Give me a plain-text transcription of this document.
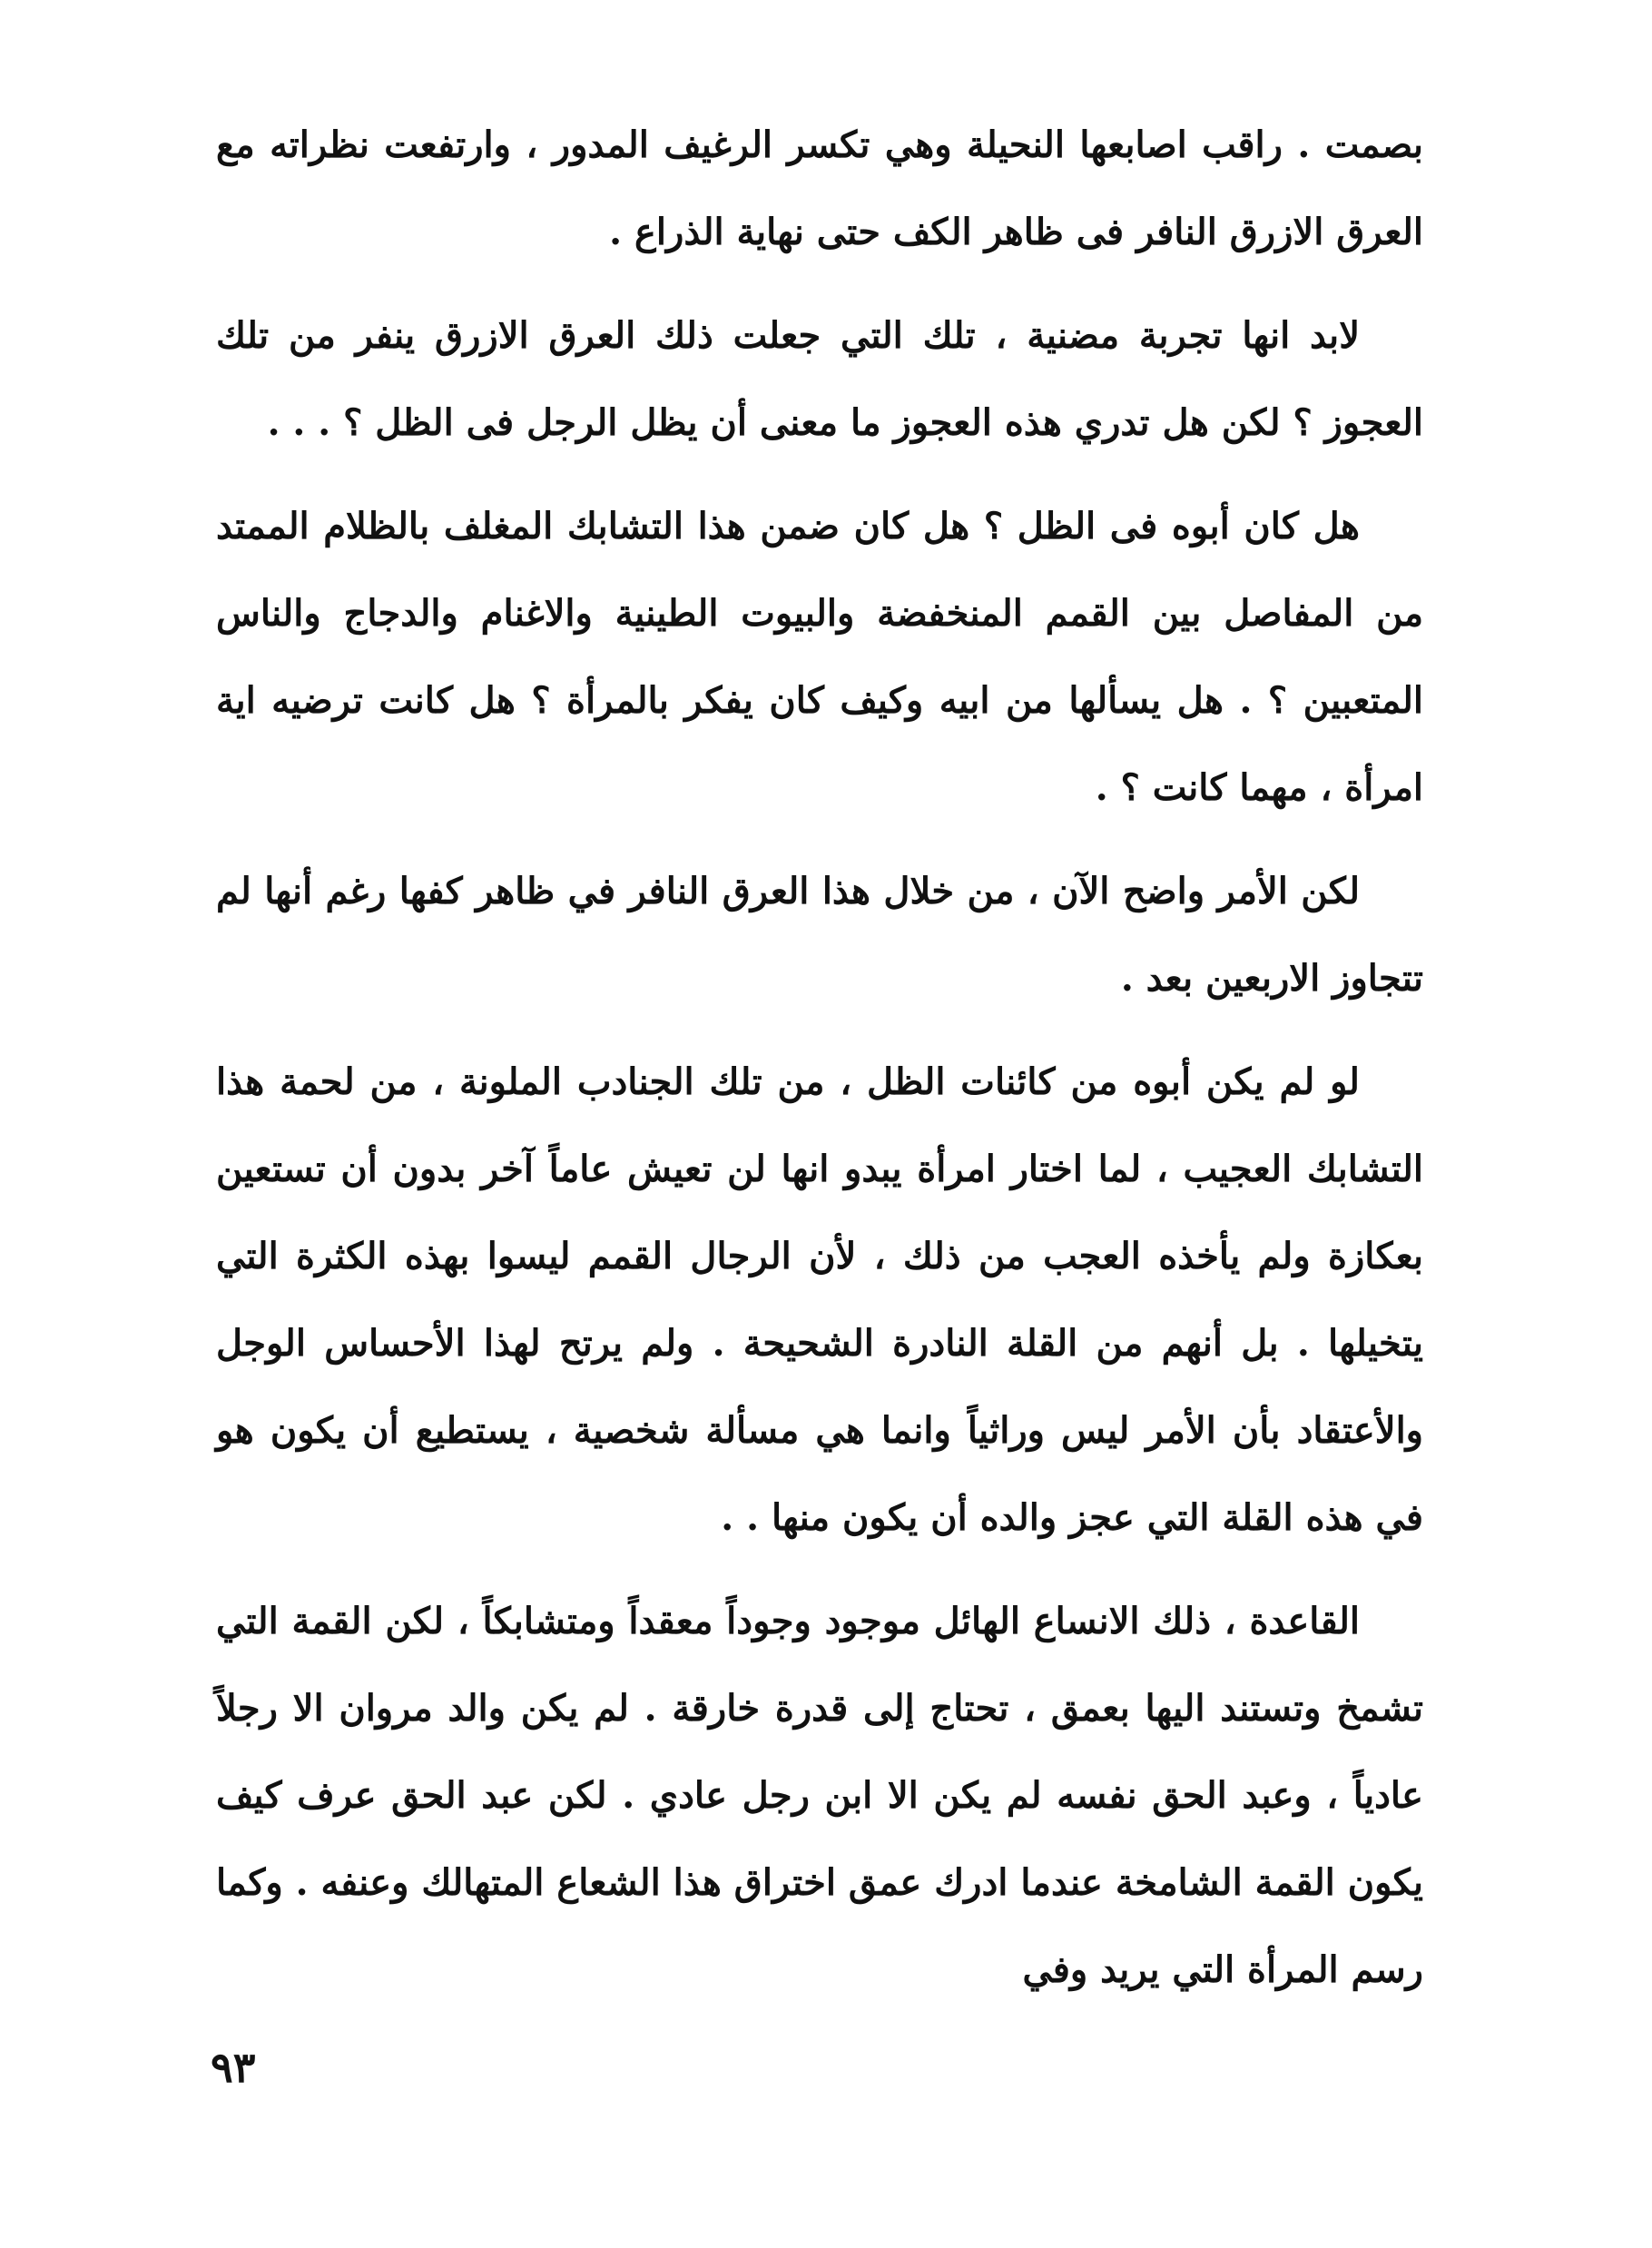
بصمت . راقب اصابعها النحيلة وهي تكسر الرغيف المدور ، وارتفعت نظراته مع العرق الازرق النافر فى ظاهر الكف حتى نهاية الذراع .

لابد انها تجربة مضنية ، تلك التي جعلت ذلك العرق الازرق ينفر من تلك العجوز ؟ لكن هل تدري هذه العجوز ما معنى أن يظل الرجل فى الظل ؟ . . .

هل كان أبوه فى الظل ؟ هل كان ضمن هذا التشابك المغلف بالظلام الممتد من المفاصل بين القمم المنخفضة والبيوت الطينية والاغنام والدجاج والناس المتعبين ؟ . هل يسألها من ابيه وكيف كان يفكر بالمرأة ؟ هل كانت ترضيه اية امرأة ، مهما كانت ؟ .

لكن الأمر واضح الآن ، من خلال هذا العرق النافر في ظاهر كفها رغم أنها لم تتجاوز الاربعين بعد .

لو لم يكن أبوه من كائنات الظل ، من تلك الجنادب الملونة ، من لحمة هذا التشابك العجيب ، لما اختار امرأة يبدو انها لن تعيش عاماً آخر بدون أن تستعين بعكازة ولم يأخذه العجب من ذلك ، لأن الرجال القمم ليسوا بهذه الكثرة التي يتخيلها . بل أنهم من القلة النادرة الشحيحة . ولم يرتح لهذا الأحساس الوجل والأعتقاد بأن الأمر ليس وراثياً وانما هي مسألة شخصية ، يستطيع أن يكون هو في هذه القلة التي عجز والده أن يكون منها . .

القاعدة ، ذلك الانساع الهائل موجود وجوداً معقداً ومتشابكاً ، لكن القمة التي تشمخ وتستند اليها بعمق ، تحتاج إلى قدرة خارقة . لم يكن والد مروان الا رجلاً عادياً ، وعبد الحق نفسه لم يكن الا ابن رجل عادي . لكن عبد الحق عرف كيف يكون القمة الشامخة عندما ادرك عمق اختراق هذا الشعاع المتهالك وعنفه . وكما رسم المرأة التي يريد وفي

٩٣
